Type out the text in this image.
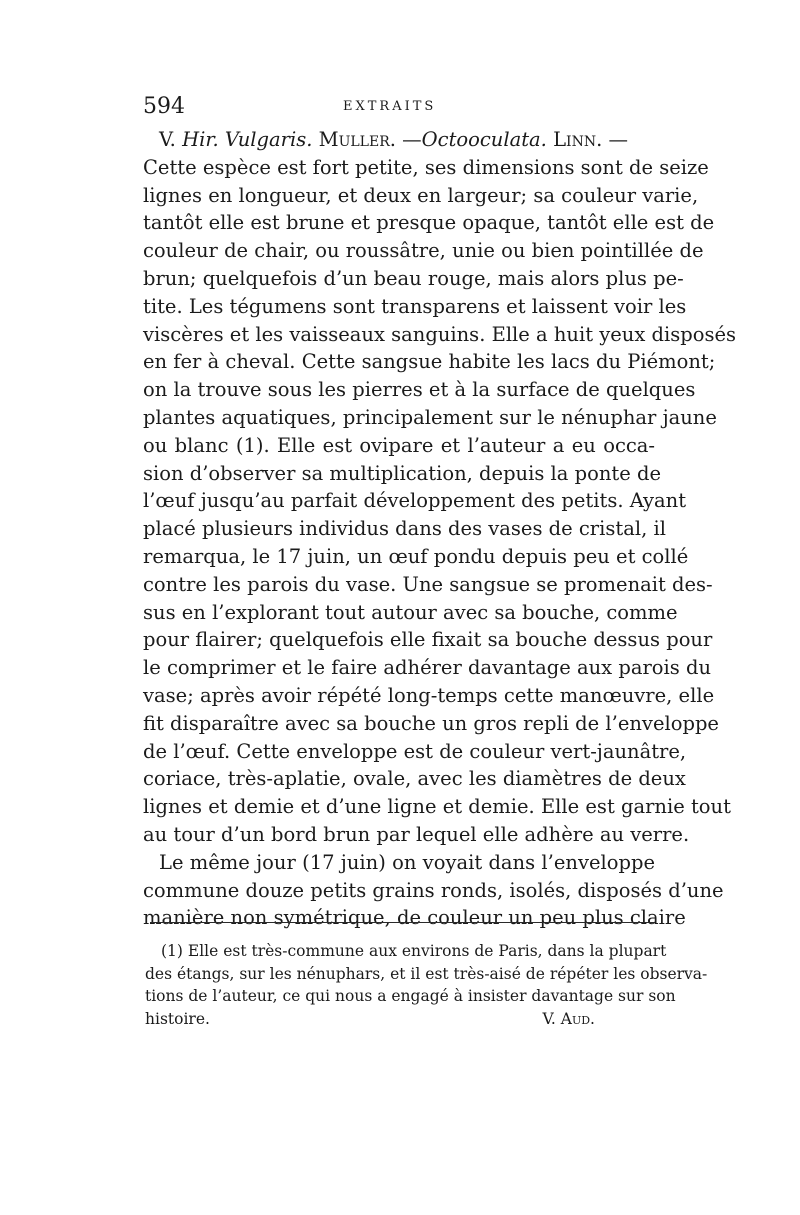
594	EXTRAITS
V. Hir. Vulgaris. Muller. —Octooculata. Linn. —
Cette espèce est fort petite, ses dimensions sont de seize
lignes en longueur, et deux en largeur; sa couleur varie,
tantôt elle est brune et presque opaque, tantôt elle est de
couleur de chair, ou roussâtre, unie ou bien pointillée de
brun; quelquefois d’un beau rouge, mais alors plus pe-
tite. Les tégumens sont transparens et laissent voir les
viscères et les vaisseaux sanguins. Elle a huit yeux disposés
en fer à cheval. Cette sangsue habite les lacs du Piémont;
on la trouve sous les pierres et à la surface de quelques
plantes aquatiques, principalement sur le nénuphar jaune
ou blanc (1). Elle est ovipare et l’auteur a eu occa-
sion d’observer sa multiplication, depuis la ponte de
l’œuf jusqu’au parfait développement des petits. Ayant
placé plusieurs individus dans des vases de cristal, il
remarqua, le 17 juin, un œuf pondu depuis peu et collé
contre les parois du vase. Une sangsue se promenait des-
sus en l’explorant tout autour avec sa bouche, comme
pour flairer; quelquefois elle fixait sa bouche dessus pour
le comprimer et le faire adhérer davantage aux parois du
vase; après avoir répété long-temps cette manœuvre, elle
fit disparaître avec sa bouche un gros repli de l’enveloppe
de l’œuf. Cette enveloppe est de couleur vert-jaunâtre,
coriace, très-aplatie, ovale, avec les diamètres de deux
lignes et demie et d’une ligne et demie. Elle est garnie tout
au tour d’un bord brun par lequel elle adhère au verre.
Le même jour (17 juin) on voyait dans l’enveloppe
commune douze petits grains ronds, isolés, disposés d’une
manière non symétrique, de couleur un peu plus claire
(1) Elle est très-commune aux environs de Paris, dans la plupart
des étangs, sur les nénuphars, et il est très-aisé de répéter les observa-
tions de l’auteur, ce qui nous a engagé à insister davantage sur son
histoire.	V. Aud.
